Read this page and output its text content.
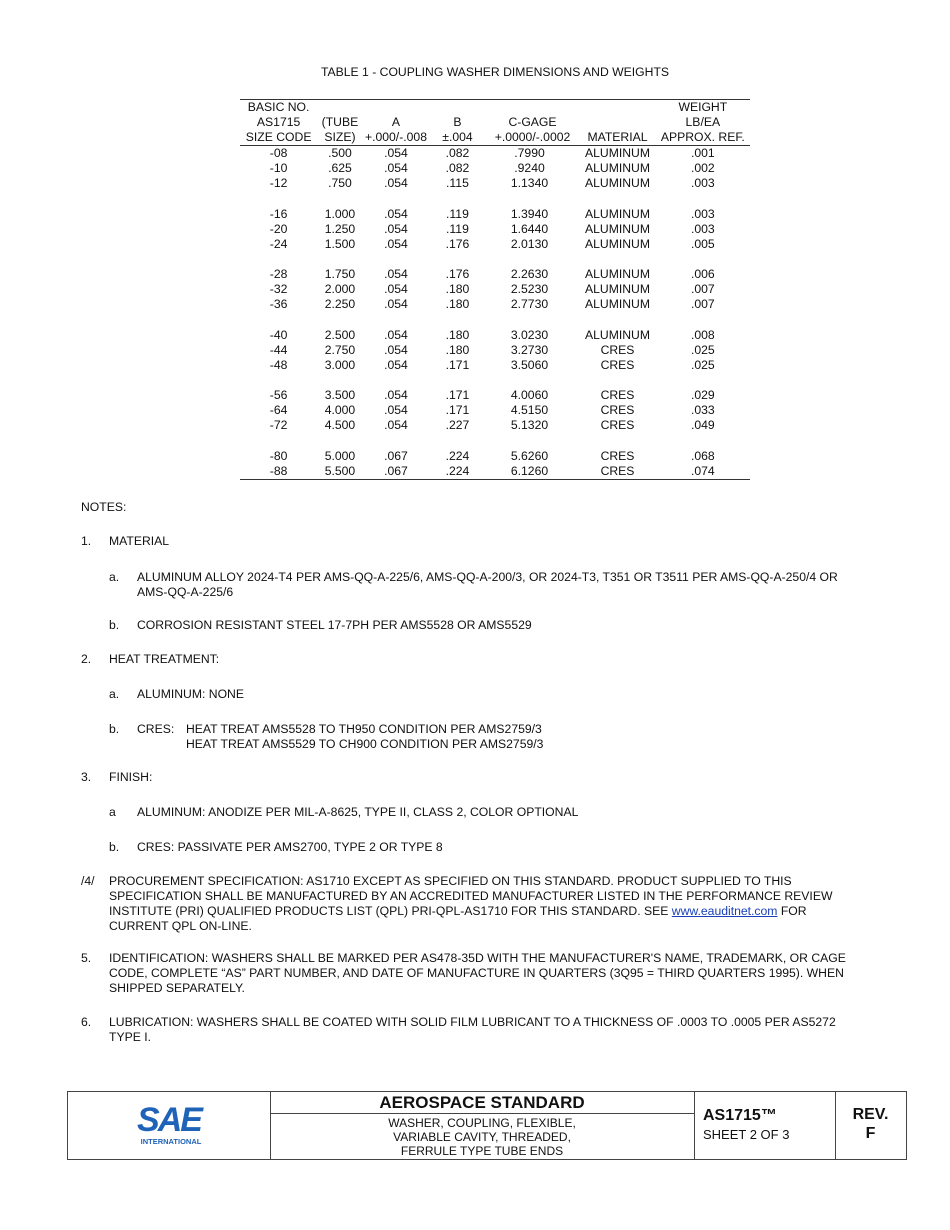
TABLE 1 - COUPLING WASHER DIMENSIONS AND WEIGHTS
BASIC NO.						WEIGHT
AS1715	(TUBE	A	B	C-GAGE		LB/EA
SIZE CODE	SIZE)	+.000/-.008	±.004	+.0000/-.0002	MATERIAL	APPROX. REF.
-08	.500	.054	.082	.7990	ALUMINUM	.001
-10	.625	.054	.082	.9240	ALUMINUM	.002
-12	.750	.054	.115	1.1340	ALUMINUM	.003

-16	1.000	.054	.119	1.3940	ALUMINUM	.003
-20	1.250	.054	.119	1.6440	ALUMINUM	.003
-24	1.500	.054	.176	2.0130	ALUMINUM	.005

-28	1.750	.054	.176	2.2630	ALUMINUM	.006
-32	2.000	.054	.180	2.5230	ALUMINUM	.007
-36	2.250	.054	.180	2.7730	ALUMINUM	.007

-40	2.500	.054	.180	3.0230	ALUMINUM	.008
-44	2.750	.054	.180	3.2730	CRES	.025
-48	3.000	.054	.171	3.5060	CRES	.025

-56	3.500	.054	.171	4.0060	CRES	.029
-64	4.000	.054	.171	4.5150	CRES	.033
-72	4.500	.054	.227	5.1320	CRES	.049

-80	5.000	.067	.224	5.6260	CRES	.068
-88	5.500	.067	.224	6.1260	CRES	.074

NOTES:

1. MATERIAL

a. ALUMINUM ALLOY 2024-T4 PER AMS-QQ-A-225/6, AMS-QQ-A-200/3, OR 2024-T3, T351 OR T3511 PER AMS-QQ-A-250/4 OR AMS-QQ-A-225/6

b. CORROSION RESISTANT STEEL 17-7PH PER AMS5528 OR AMS5529

2. HEAT TREATMENT:

a. ALUMINUM: NONE

b. CRES: HEAT TREAT AMS5528 TO TH950 CONDITION PER AMS2759/3
HEAT TREAT AMS5529 TO CH900 CONDITION PER AMS2759/3

3. FINISH:

a ALUMINUM: ANODIZE PER MIL-A-8625, TYPE II, CLASS 2, COLOR OPTIONAL

b. CRES: PASSIVATE PER AMS2700, TYPE 2 OR TYPE 8

/4/ PROCUREMENT SPECIFICATION: AS1710 EXCEPT AS SPECIFIED ON THIS STANDARD. PRODUCT SUPPLIED TO THIS SPECIFICATION SHALL BE MANUFACTURED BY AN ACCREDITED MANUFACTURER LISTED IN THE PERFORMANCE REVIEW INSTITUTE (PRI) QUALIFIED PRODUCTS LIST (QPL) PRI-QPL-AS1710 FOR THIS STANDARD. SEE www.eauditnet.com FOR CURRENT QPL ON-LINE.

5. IDENTIFICATION: WASHERS SHALL BE MARKED PER AS478-35D WITH THE MANUFACTURER'S NAME, TRADEMARK, OR CAGE CODE, COMPLETE “AS” PART NUMBER, AND DATE OF MANUFACTURE IN QUARTERS (3Q95 = THIRD QUARTERS 1995). WHEN SHIPPED SEPARATELY.

6. LUBRICATION: WASHERS SHALL BE COATED WITH SOLID FILM LUBRICANT TO A THICKNESS OF .0003 TO .0005 PER AS5272 TYPE I.

SAE
INTERNATIONAL
AEROSPACE STANDARD
WASHER, COUPLING, FLEXIBLE,
VARIABLE CAVITY, THREADED,
FERRULE TYPE TUBE ENDS
AS1715™
SHEET 2 OF 3
REV.
F
